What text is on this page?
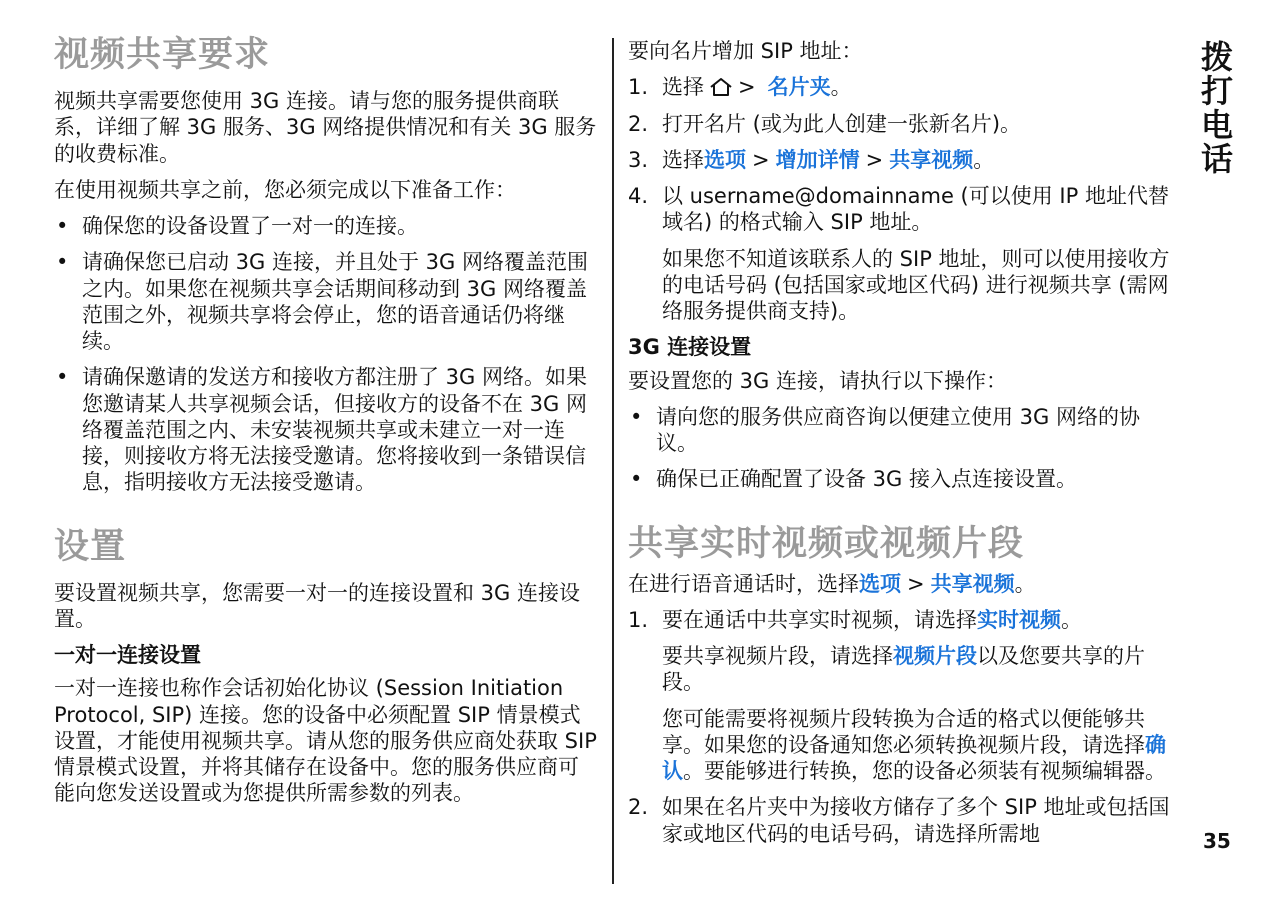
视频共享要求

视频共享需要您使用 3G 连接。请与您的服务提供商联系，详细了解 3G 服务、3G 网络提供情况和有关 3G 服务的收费标准。

在使用视频共享之前，您必须完成以下准备工作：

• 确保您的设备设置了一对一的连接。
• 请确保您已启动 3G 连接，并且处于 3G 网络覆盖范围之内。如果您在视频共享会话期间移动到 3G 网络覆盖范围之外，视频共享将会停止，您的语音通话仍将继续。
• 请确保邀请的发送方和接收方都注册了 3G 网络。如果您邀请某人共享视频会话，但接收方的设备不在 3G 网络覆盖范围之内、未安装视频共享或未建立一对一连接，则接收方将无法接受邀请。您将接收到一条错误信息，指明接收方无法接受邀请。
设置

要设置视频共享，您需要一对一的连接设置和 3G 连接设置。

一对一连接设置

一对一连接也称作会话初始化协议 (Session Initiation Protocol, SIP) 连接。您的设备中必须配置 SIP 情景模式设置，才能使用视频共享。请从您的服务供应商处获取 SIP 情景模式设置，并将其储存在设备中。您的服务供应商可能向您发送设置或为您提供所需参数的列表。

要向名片增加 SIP 地址：

1. 选择 > 名片夹。
2. 打开名片 (或为此人创建一张新名片)。
3. 选择选项 > 增加详情 > 共享视频。
4. 以 username@domainname (可以使用 IP 地址代替域名) 的格式输入 SIP 地址。

如果您不知道该联系人的 SIP 地址，则可以使用接收方的电话号码 (包括国家或地区代码) 进行视频共享 (需网络服务提供商支持)。

3G 连接设置

要设置您的 3G 连接，请执行以下操作：

• 请向您的服务供应商咨询以便建立使用 3G 网络的协议。
• 确保已正确配置了设备 3G 接入点连接设置。
共享实时视频或视频片段

在进行语音通话时，选择选项 > 共享视频。

1. 要在通话中共享实时视频，请选择实时视频。

要共享视频片段，请选择视频片段以及您要共享的片段。

您可能需要将视频片段转换为合适的格式以便能够共享。如果您的设备通知您必须转换视频片段，请选择确认。要能够进行转换，您的设备必须装有视频编辑器。

2. 如果在名片夹中为接收方储存了多个 SIP 地址或包括国家或地区代码的电话号码，请选择所需地
拨打电话
35
